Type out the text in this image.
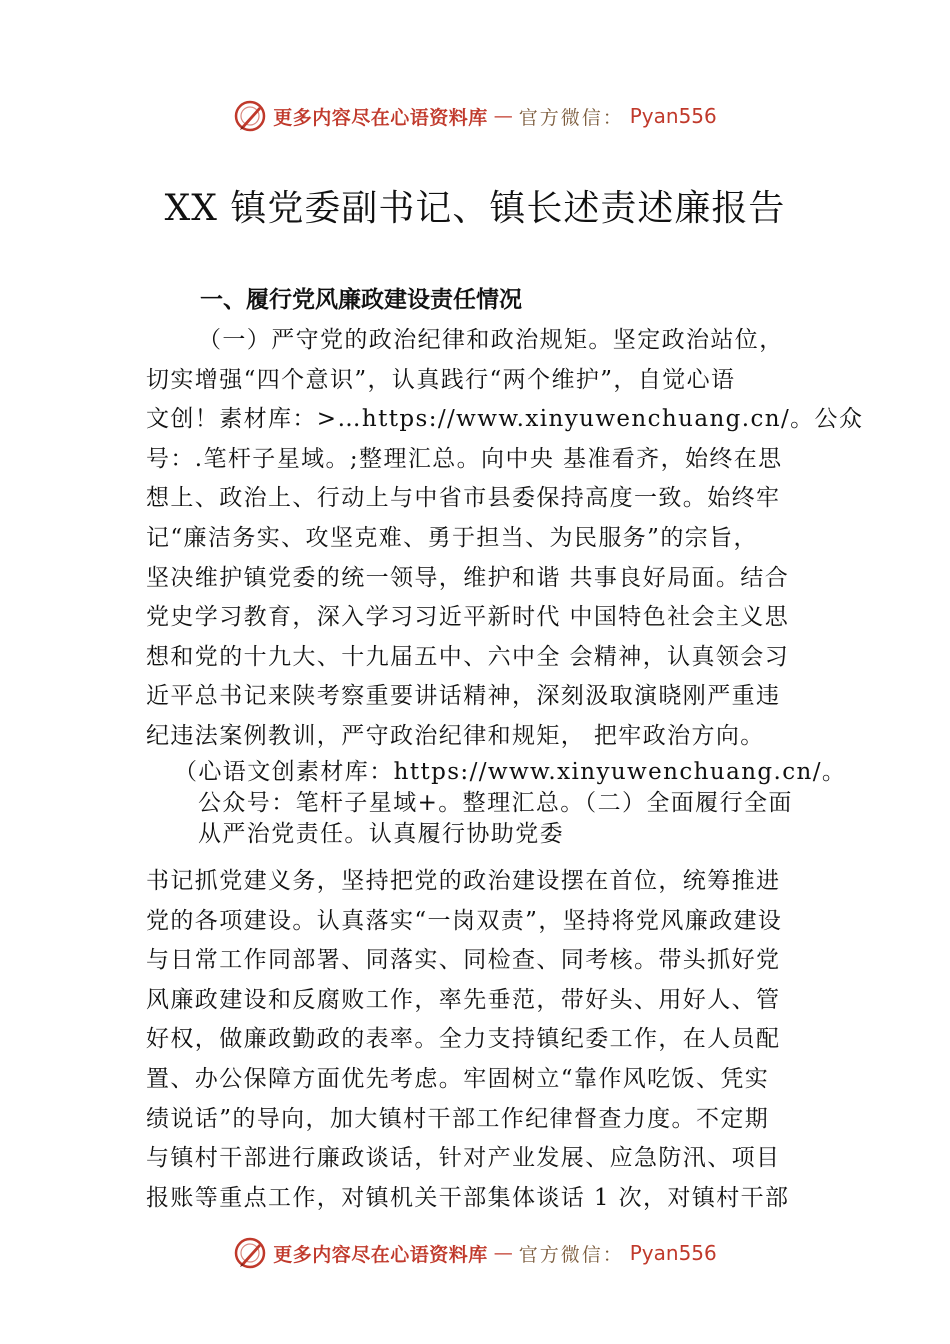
更多内容尽在心语资料库 — 官方微信： Pyan556
XX 镇党委副书记、镇长述责述廉报告
一、履行党风廉政建设责任情况
（一）严守党的政治纪律和政治规矩。坚定政治站位，
切实增强“四个意识”，认真践行“两个维护”，自觉心语
文创！素材库：>…https://www.xinyuwenchuang.cn/。公众
号：.笔杆子星域。;整理汇总。向中央 基准看齐，始终在思
想上、政治上、行动上与中省市县委保持高度一致。始终牢
记“廉洁务实、攻坚克难、勇于担当、为民服务”的宗旨，
坚决维护镇党委的统一领导，维护和谐 共事良好局面。结合
党史学习教育，深入学习习近平新时代 中国特色社会主义思
想和党的十九大、十九届五中、六中全 会精神，认真领会习
近平总书记来陕考察重要讲话精神，深刻汲取演晓刚严重违
纪违法案例教训，严守政治纪律和规矩， 把牢政治方向。
（心语文创素材库：https://www.xinyuwenchuang.cn/。
公众号：笔杆子星域+。整理汇总。（二）全面履行全面
从严治党责任。认真履行协助党委
书记抓党建义务，坚持把党的政治建设摆在首位，统筹推进
党的各项建设。认真落实“一岗双责”，坚持将党风廉政建设
与日常工作同部署、同落实、同检查、同考核。带头抓好党
风廉政建设和反腐败工作，率先垂范，带好头、用好人、管
好权，做廉政勤政的表率。全力支持镇纪委工作，在人员配
置、办公保障方面优先考虑。牢固树立“靠作风吃饭、凭实
绩说话”的导向，加大镇村干部工作纪律督查力度。不定期
与镇村干部进行廉政谈话，针对产业发展、应急防汛、项目
报账等重点工作，对镇机关干部集体谈话 1 次，对镇村干部
更多内容尽在心语资料库 — 官方微信： Pyan556
